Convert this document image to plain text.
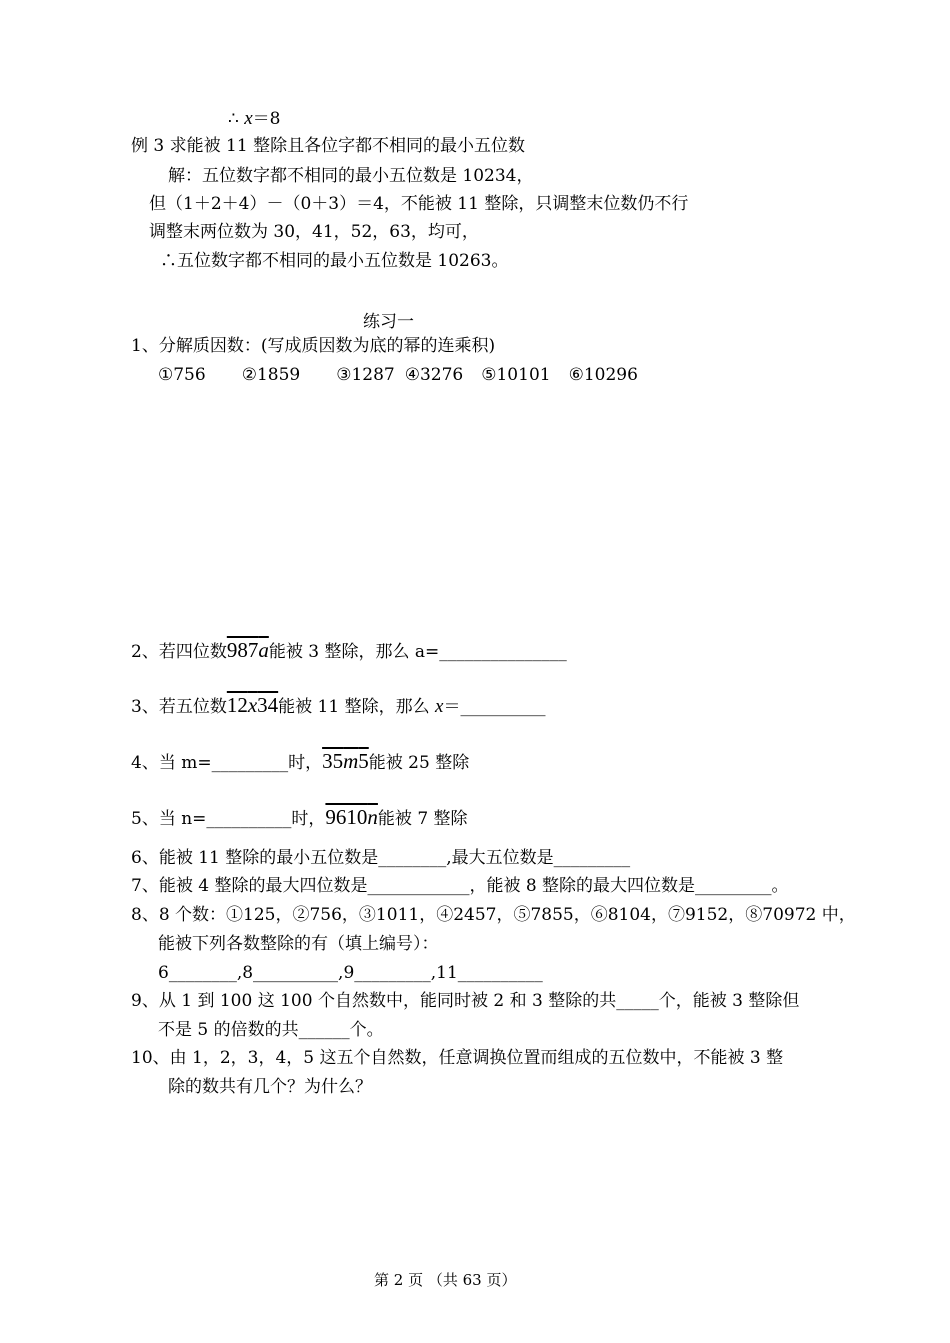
∴ x＝8
例 3 求能被 11 整除且各位字都不相同的最小五位数
解：五位数字都不相同的最小五位数是 10234，
但（1＋2＋4）－（0＋3）＝4，不能被 11 整除，只调整末位数仍不行
调整末两位数为 30，41，52，63，均可，
∴五位数字都不相同的最小五位数是 10263。
练习一
1、分解质因数：(写成质因数为底的幂的连乘积)
①756 ②1859 ③1287 ④3276 ⑤10101 ⑥10296
2、若四位数987a能被 3 整除，那么 a=_______________
3、若五位数12x34能被 11 整除，那么 x＝__________
4、当 m=_________时，35m5能被 25 整除
5、当 n=__________时，9610n能被 7 整除
6、能被 11 整除的最小五位数是________,最大五位数是_________
7、能被 4 整除的最大四位数是____________，能被 8 整除的最大四位数是_________。
8、8 个数：①125，②756，③1011，④2457，⑤7855，⑥8104，⑦9152，⑧70972 中，
能被下列各数整除的有（填上编号）：
6________,8__________,9_________,11__________
9、从 1 到 100 这 100 个自然数中，能同时被 2 和 3 整除的共_____个，能被 3 整除但
不是 5 的倍数的共______个。
10、由 1，2，3，4，5 这五个自然数，任意调换位置而组成的五位数中，不能被 3 整
除的数共有几个？为什么？
第 2 页 （共 63 页）
